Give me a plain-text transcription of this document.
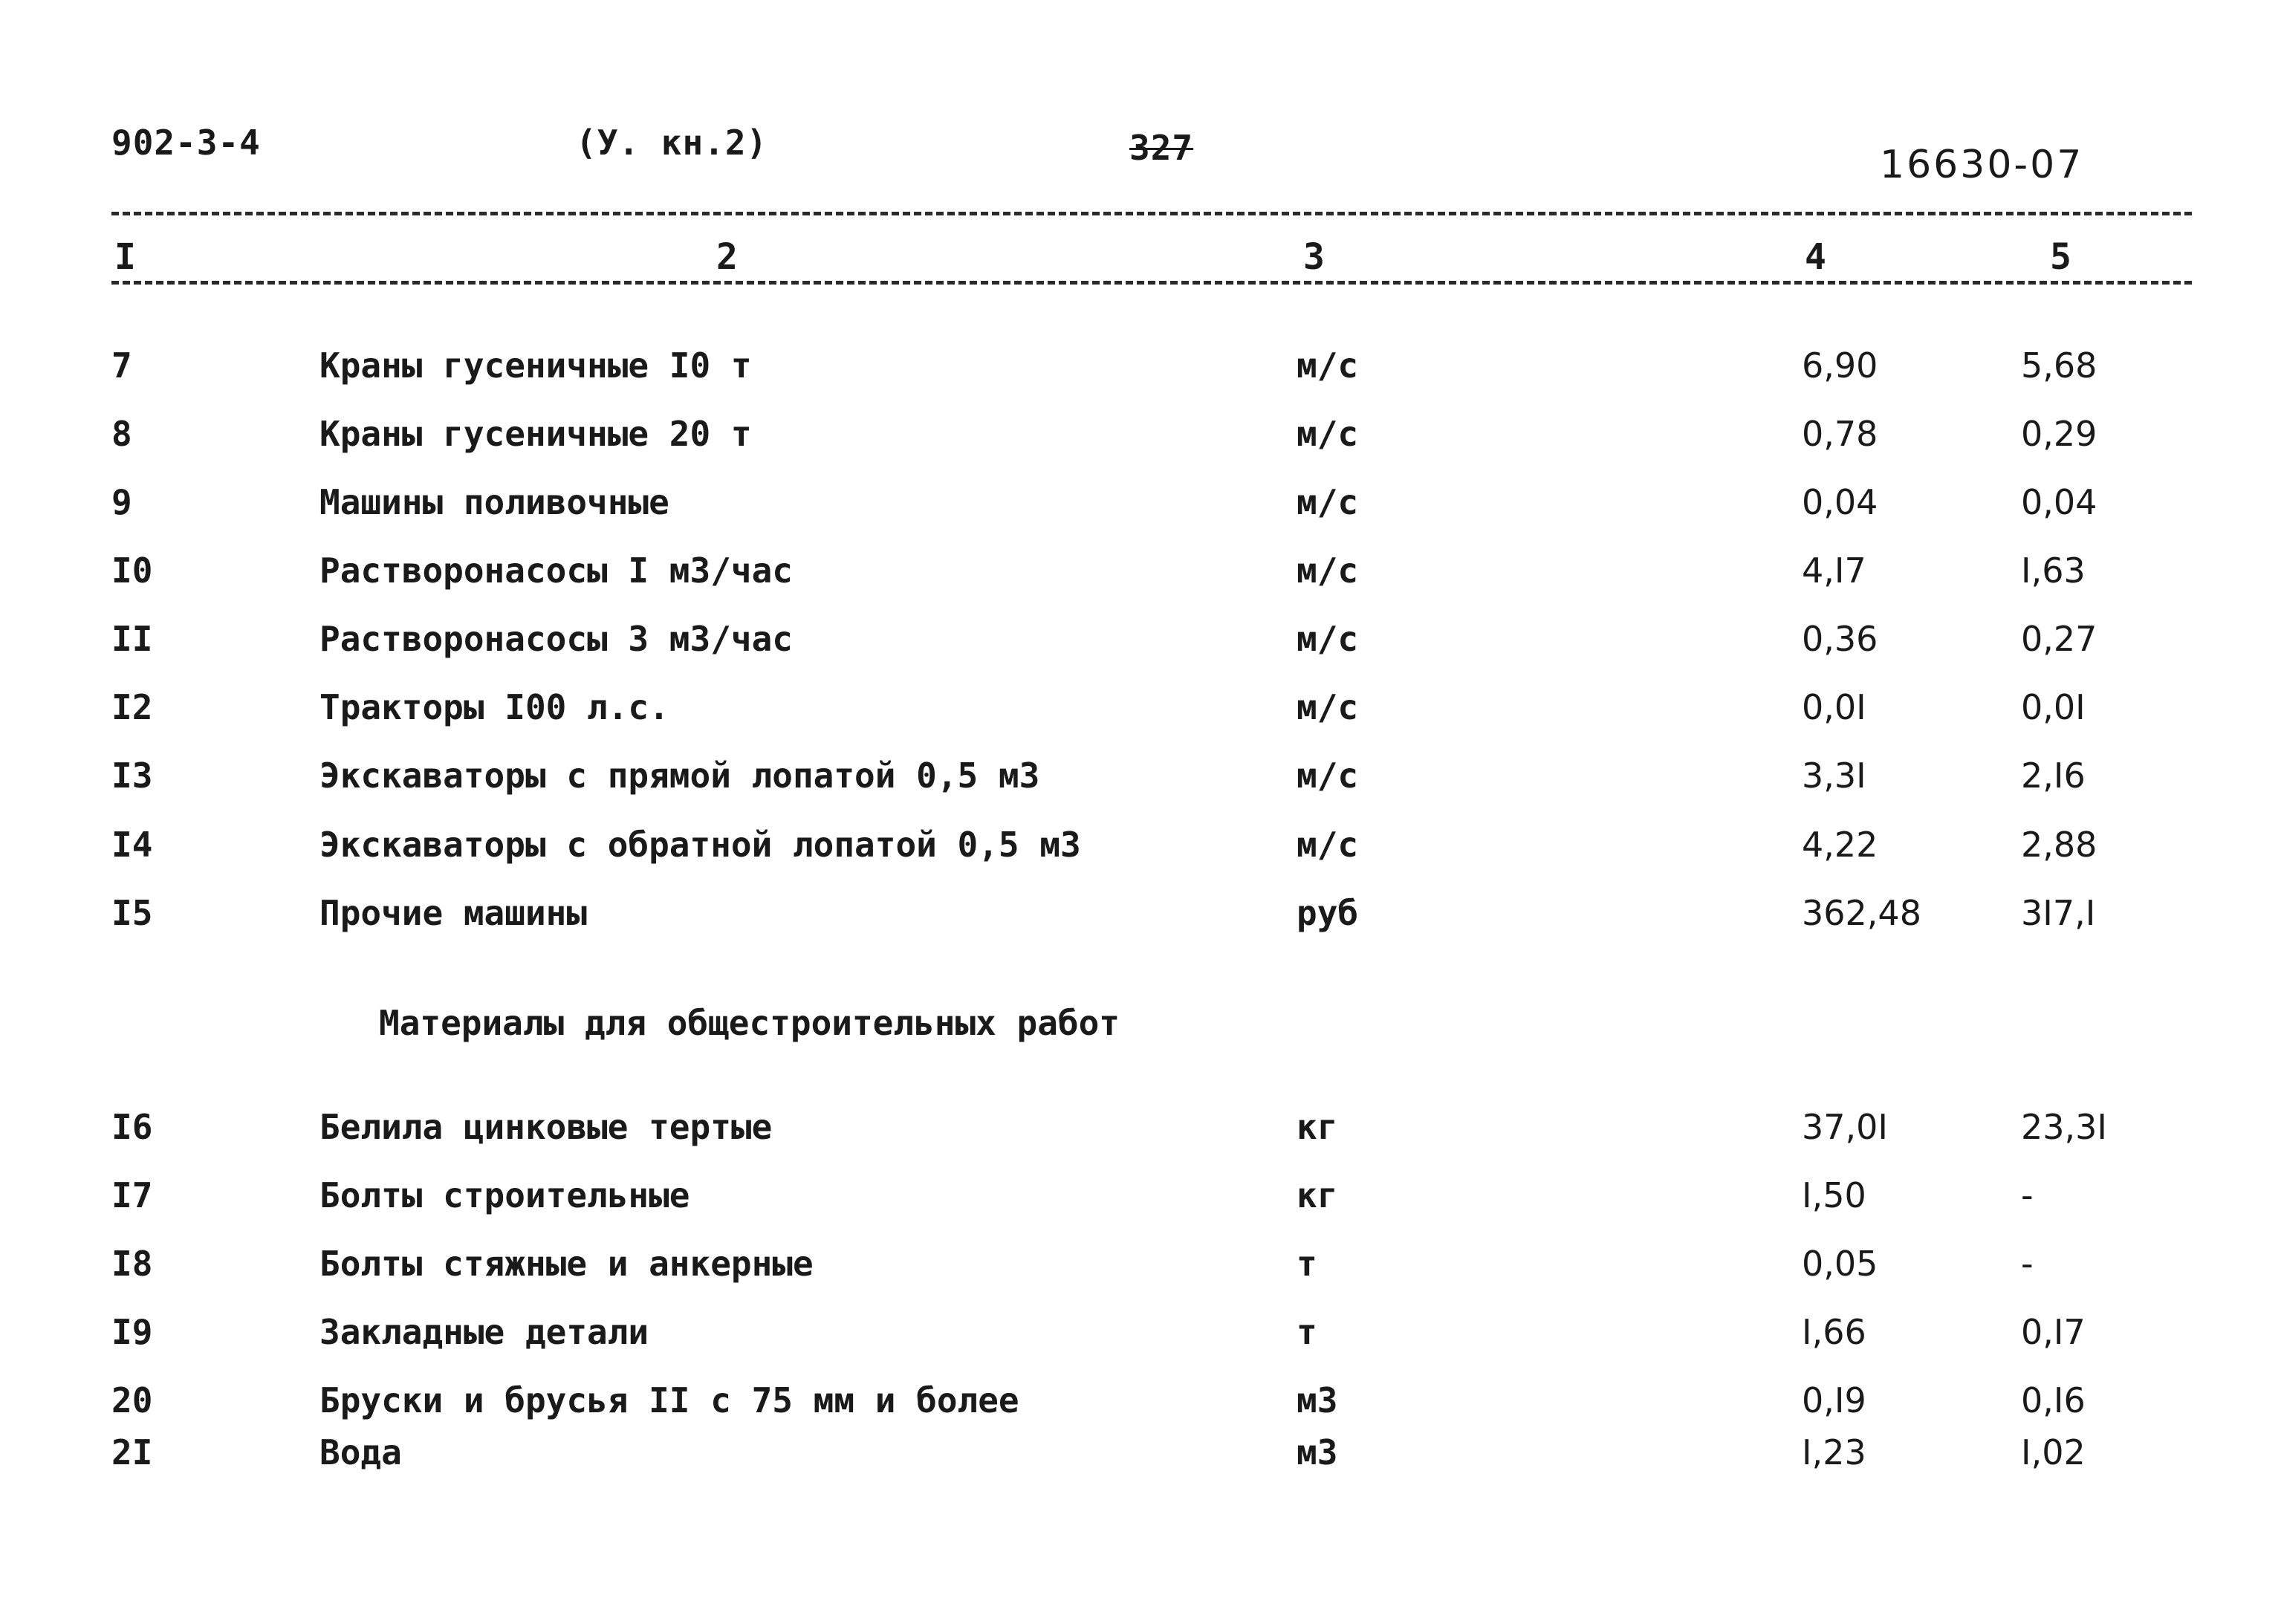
902-3-4	(У. кн.2)	327	16630-07
I	2	3	4	5
7	Краны гусеничные I0 т	м/с	6,90	5,68
8	Краны гусеничные 20 т	м/с	0,78	0,29
9	Машины поливочные	м/с	0,04	0,04
I0	Растворонасосы I м3/час	м/с	4,I7	I,63
II	Растворонасосы 3 м3/час	м/с	0,36	0,27
I2	Тракторы I00 л.с.	м/с	0,0I	0,0I
I3	Экскаваторы с прямой лопатой 0,5 м3	м/с	3,3I	2,I6
I4	Экскаваторы с обратной лопатой 0,5 м3	м/с	4,22	2,88
I5	Прочие машины	руб	362,48	3I7,I
Материалы для общестроительных работ
I6	Белила цинковые тертые	кг	37,0I	23,3I
I7	Болты строительные	кг	I,50	-
I8	Болты стяжные и анкерные	т	0,05	-
I9	Закладные детали	т	I,66	0,I7
20	Бруски и брусья II с 75 мм и более	м3	0,I9	0,I6
2I	Вода	м3	I,23	I,02
